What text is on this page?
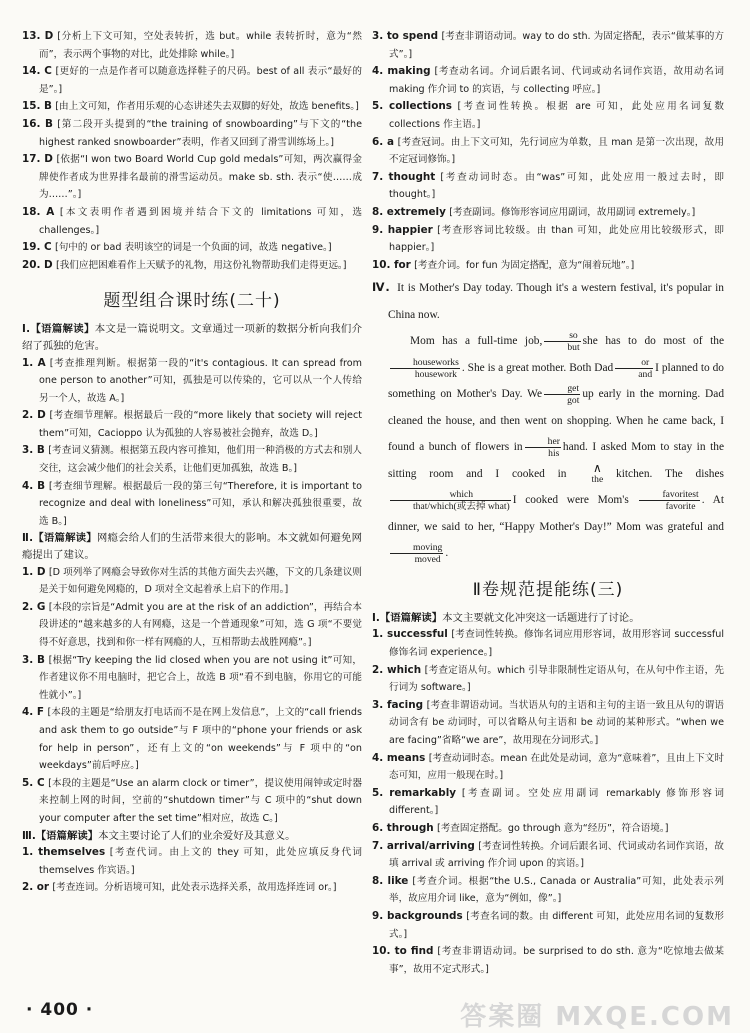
13. D [分析上下文可知，空处表转折，选 but。while 表转折时，意为“然而”，表示两个事物的对比，此处排除 while。]

14. C [更好的一点是作者可以随意选择鞋子的尺码。best of all 表示“最好的是”。]

15. B [由上文可知，作者用乐观的心态讲述失去双脚的好处，故选 benefits。]

16. B [第二段开头提到的“the training of snowboarding”与下文的“the highest ranked snowboarder”表明，作者又回到了滑雪训练场上。]

17. D [依据“I won two Board World Cup gold medals”可知，两次赢得金牌使作者成为世界排名最前的滑雪运动员。make sb. sth. 表示“使……成为……”。]

18. A [本文表明作者遇到困境并结合下文的 limitations 可知，选 challenges。]

19. C [句中的 or bad 表明该空的词是一个负面的词，故选 negative。]

20. D [我们应把困难看作上天赋予的礼物，用这份礼物帮助我们走得更远。]

题型组合课时练(二十)

Ⅰ.【语篇解读】本文是一篇说明文。文章通过一项新的数据分析向我们介绍了孤独的危害。

1. A [考查推理判断。根据第一段的“it's contagious. It can spread from one person to another”可知，孤独是可以传染的，它可以从一个人传给另一个人，故选 A。]

2. D [考查细节理解。根据最后一段的“more likely that society will reject them”可知，Cacioppo 认为孤独的人容易被社会抛弃，故选 D。]

3. B [考查词义猜测。根据第五段内容可推知，他们用一种消极的方式去和别人交往，这会减少他们的社会关系，让他们更加孤独，故选 B。]

4. B [考查细节理解。根据最后一段的第三句“Therefore, it is important to recognize and deal with loneliness”可知，承认和解决孤独很重要，故选 B。]

Ⅱ.【语篇解读】网瘾会给人们的生活带来很大的影响。本文就如何避免网瘾提出了建议。

1. D [D 项列举了网瘾会导致你对生活的其他方面失去兴趣，下文的几条建议则是关于如何避免网瘾的，D 项对全文起着承上启下的作用。]

2. G [本段的宗旨是“Admit you are at the risk of an addiction”，再结合本段讲述的“越来越多的人有网瘾，这是一个普通现象”可知，选 G 项“不要觉得不好意思，找到和你一样有网瘾的人，互相帮助去战胜网瘾”。]

3. B [根据“Try keeping the lid closed when you are not using it”可知，作者建议你不用电脑时，把它合上，故选 B 项“看不到电脑，你用它的可能性就小”。]

4. F [本段的主题是“给朋友打电话而不是在网上发信息”，上文的“call friends and ask them to go outside”与 F 项中的“phone your friends or ask for help in person”，还有上文的“on weekends”与 F 项中的“on weekdays”前后呼应。]

5. C [本段的主题是“Use an alarm clock or timer”，提议使用闹钟或定时器来控制上网的时间，空前的“shutdown timer”与 C 项中的“shut down your computer after the set time”相对应，故选 C。]

Ⅲ.【语篇解读】本文主要讨论了人们的业余爱好及其意义。

1. themselves [考查代词。由上文的 they 可知，此处应填反身代词 themselves 作宾语。]

2. or [考查连词。分析语境可知，此处表示选择关系，故用选择连词 or。]

3. to spend [考查非谓语动词。way to do sth. 为固定搭配，表示“做某事的方式”。]

4. making [考查动名词。介词后跟名词、代词或动名词作宾语，故用动名词 making 作介词 to 的宾语，与 collecting 呼应。]

5. collections [考查词性转换。根据 are 可知，此处应用名词复数 collections 作主语。]

6. a [考查冠词。由上下文可知，先行词应为单数，且 man 是第一次出现，故用不定冠词修饰。]

7. thought [考查动词时态。由“was”可知，此处应用一般过去时，即 thought。]

8. extremely [考查副词。修饰形容词应用副词，故用副词 extremely。]

9. happier [考查形容词比较级。由 than 可知，此处应用比较级形式，即 happier。]

10. for [考查介词。for fun 为固定搭配，意为“闹着玩地”。]

Ⅳ. It is Mother's Day today. Though it's a western festival, it's popular in China now.

Mom has a full-time job,	so
but
she has to do most of the
houseworks
housework
. She is a great mother. Both Dad	or
and
I planned to do something on Mother's Day. We	get
got
up early in the morning. Dad cleaned the house, and then went on shopping. When he came back, I found a bunch of flowers in	her
his
hand. I asked Mom to stay in the sitting room and I cooked in	∧
the kitchen. The dishes
which
that/which(或去掉 what)
I cooked were Mom's	favoritest
favorite
. At dinner, we said to her, “Happy Mother's Day!” Mom was grateful and
moving
moved
.

Ⅱ卷规范提能练(三)

Ⅰ.【语篇解读】本文主要就文化冲突这一话题进行了讨论。

1. successful [考查词性转换。修饰名词应用形容词，故用形容词 successful 修饰名词 experience。]

2. which [考查定语从句。which 引导非限制性定语从句，在从句中作主语，先行词为 software。]

3. facing [考查非谓语动词。当状语从句的主语和主句的主语一致且从句的谓语动词含有 be 动词时，可以省略从句主语和 be 动词的某种形式。“when we are facing”省略“we are”，故用现在分词形式。]

4. means [考查动词时态。mean 在此处是动词，意为“意味着”，且由上下文时态可知，应用一般现在时。]

5. remarkably [考查副词。空处应用副词 remarkably 修饰形容词 different。]

6. through [考查固定搭配。go through 意为“经历”，符合语境。]

7. arrival/arriving [考查词性转换。介词后跟名词、代词或动名词作宾语，故填 arrival 或 arriving 作介词 upon 的宾语。]

8. like [考查介词。根据“the U.S., Canada or Australia”可知，此处表示列举，故应用介词 like，意为“例如，像”。]

9. backgrounds [考查名词的数。由 different 可知，此处应用名词的复数形式。]

10. to find [考查非谓语动词。be surprised to do sth. 意为“吃惊地去做某事”，故用不定式形式。]

· 400 ·	答案圈 MXQE.COM
